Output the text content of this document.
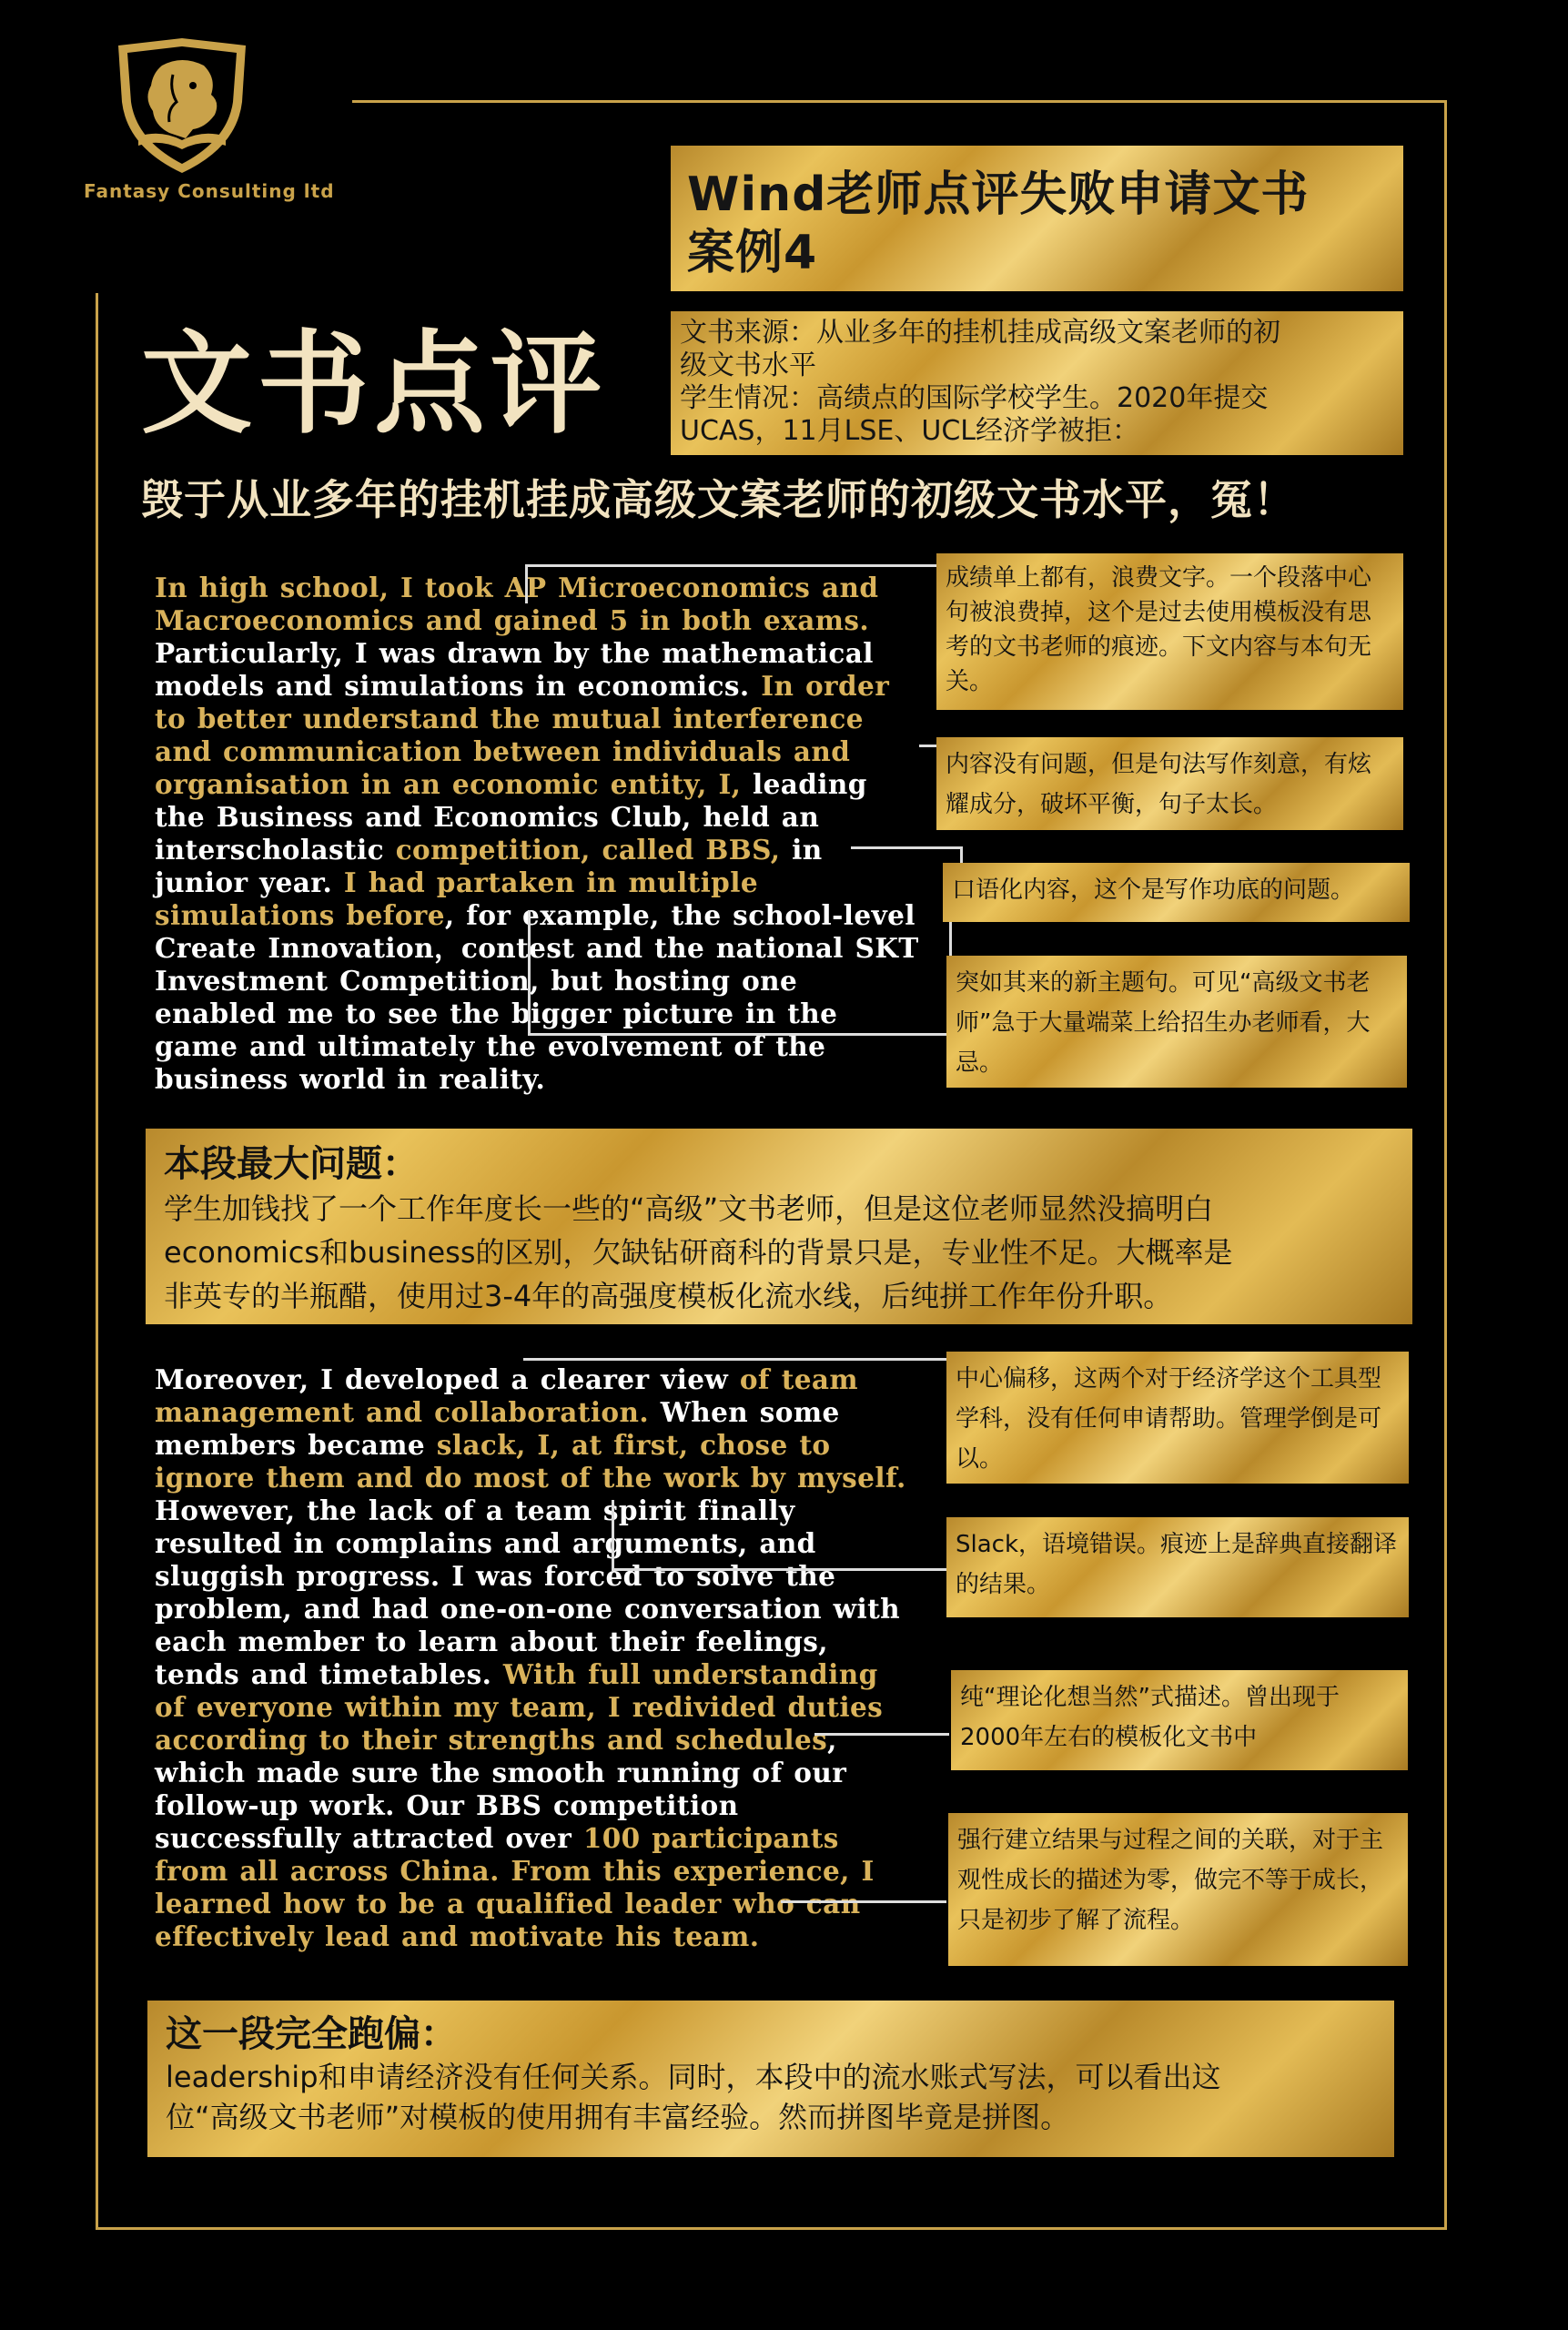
Fantasy Consulting ltd	Wind老师点评失败申请文书
案例4
文书点评	文书来源：从业多年的挂机挂成高级文案老师的初

级文书水平

学生情况：高绩点的国际学校学生。2020年提交

UCAS，11月LSE、UCL经济学被拒：

毁于从业多年的挂机挂成高级文案老师的初级文书水平，冤！
In high school, I took AP Microeconomics and Macroeconomics and gained 5 in both exams. Particularly, I was drawn by the mathematical models and simulations in economics. In order to better understand the mutual interference and communication between individuals and organisation in an economic entity, I, leading the Business and Economics Club, held an interscholastic competition, called BBS, in junior year. I had partaken in multiple simulations before, for example, the school-level Create Innovation，contest and the national SKT Investment Competition, but hosting one enabled me to see the bigger picture in the game and ultimately the evolvement of the business world in reality.
成绩单上都有，浪费文字。一个段落中心句被浪费掉，这个是过去使用模板没有思考的文书老师的痕迹。下文内容与本句无关。
内容没有问题，但是句法写作刻意，有炫耀成分，破坏平衡，句子太长。
口语化内容，这个是写作功底的问题。
突如其来的新主题句。可见“高级文书老师”急于大量端菜上给招生办老师看，大忌。
本段最大问题：

学生加钱找了一个工作年度长一些的“高级”文书老师，但是这位老师显然没搞明白

economics和business的区别，欠缺钻研商科的背景只是，专业性不足。大概率是

非英专的半瓶醋，使用过3-4年的高强度模板化流水线，后纯拼工作年份升职。

Moreover, I developed a clearer view of team management and collaboration. When some members became slack, I, at first, chose to ignore them and do most of the work by myself. However, the lack of a team spirit finally resulted in complains and arguments, and sluggish progress. I was forced to solve the problem, and had one-on-one conversation with each member to learn about their feelings, tends and timetables. With full understanding of everyone within my team, I redivided duties according to their strengths and schedules, which made sure the smooth running of our follow-up work. Our BBS competition successfully attracted over 100 participants from all across China. From this experience, I learned how to be a qualified leader who can effectively lead and motivate his team.
中心偏移，这两个对于经济学这个工具型学科，没有任何申请帮助。管理学倒是可以。
Slack，语境错误。痕迹上是辞典直接翻译的结果。
纯“理论化想当然”式描述。曾出现于2000年左右的模板化文书中
强行建立结果与过程之间的关联，对于主观性成长的描述为零，做完不等于成长，只是初步了解了流程。
这一段完全跑偏：

leadership和申请经济没有任何关系。同时，本段中的流水账式写法，可以看出这

位“高级文书老师”对模板的使用拥有丰富经验。然而拼图毕竟是拼图。
